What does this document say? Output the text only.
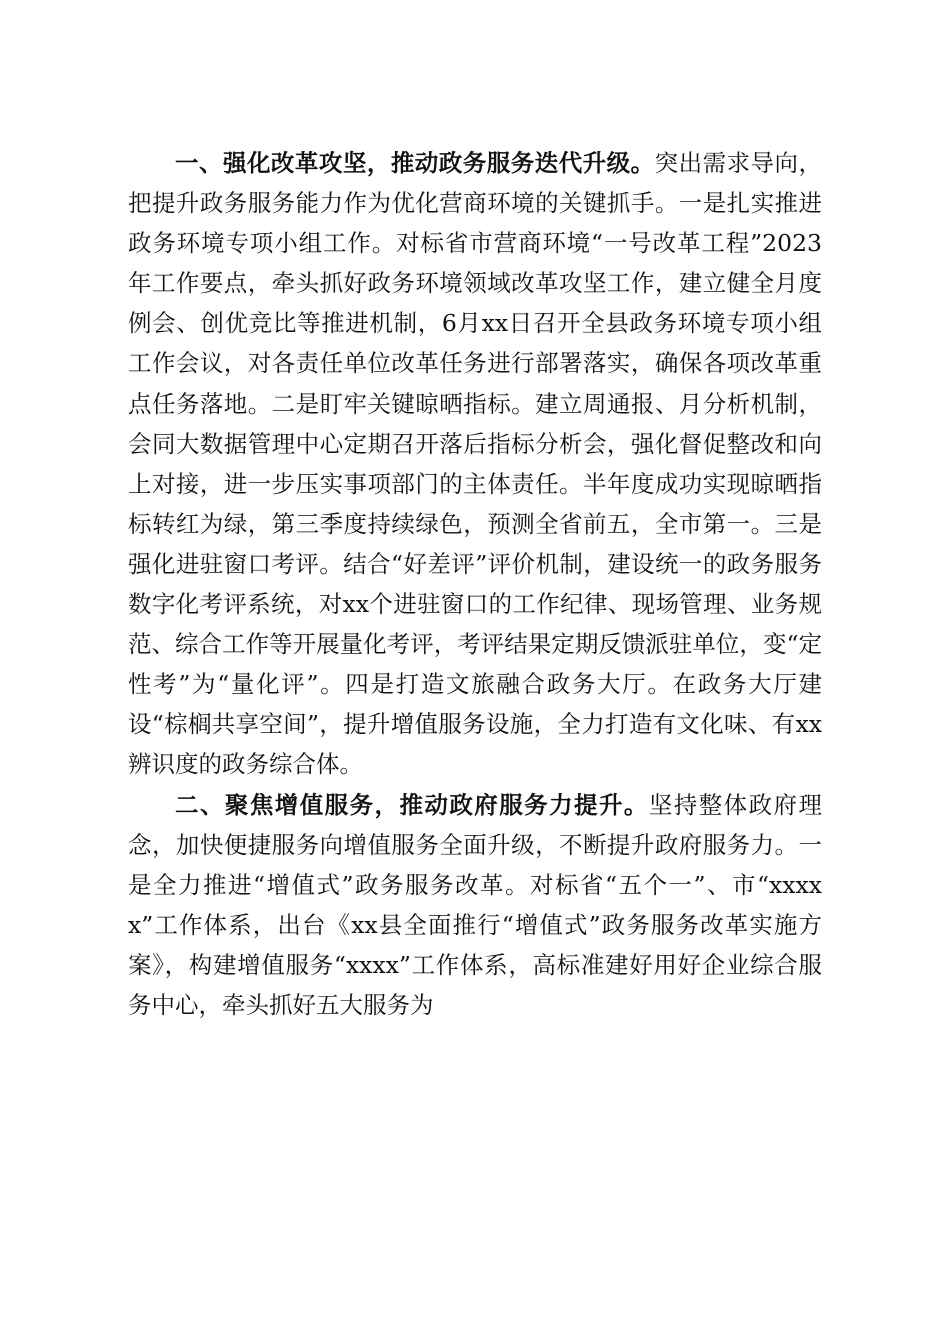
一、强化改革攻坚，推动政务服务迭代升级。突出需求导向，把提升政务服务能力作为优化营商环境的关键抓手。一是扎实推进政务环境专项小组工作。对标省市营商环境“一号改革工程”2023年工作要点，牵头抓好政务环境领域改革攻坚工作，建立健全月度例会、创优竞比等推进机制，6月xx日召开全县政务环境专项小组工作会议，对各责任单位改革任务进行部署落实，确保各项改革重点任务落地。二是盯牢关键晾晒指标。建立周通报、月分析机制，会同大数据管理中心定期召开落后指标分析会，强化督促整改和向上对接，进一步压实事项部门的主体责任。半年度成功实现晾晒指标转红为绿，第三季度持续绿色，预测全省前五，全市第一。三是强化进驻窗口考评。结合“好差评”评价机制，建设统一的政务服务数字化考评系统，对xx个进驻窗口的工作纪律、现场管理、业务规范、综合工作等开展量化考评，考评结果定期反馈派驻单位，变“定性考”为“量化评”。四是打造文旅融合政务大厅。在政务大厅建设“棕榈共享空间”，提升增值服务设施，全力打造有文化味、有xx辨识度的政务综合体。

二、聚焦增值服务，推动政府服务力提升。坚持整体政府理念，加快便捷服务向增值服务全面升级，不断提升政府服务力。一是全力推进“增值式”政务服务改革。对标省“五个一”、市“xxxxx”工作体系，出台《xx县全面推行“增值式”政务服务改革实施方案》，构建增值服务“xxxx”工作体系，高标准建好用好企业综合服务中心，牵头抓好五大服务为
